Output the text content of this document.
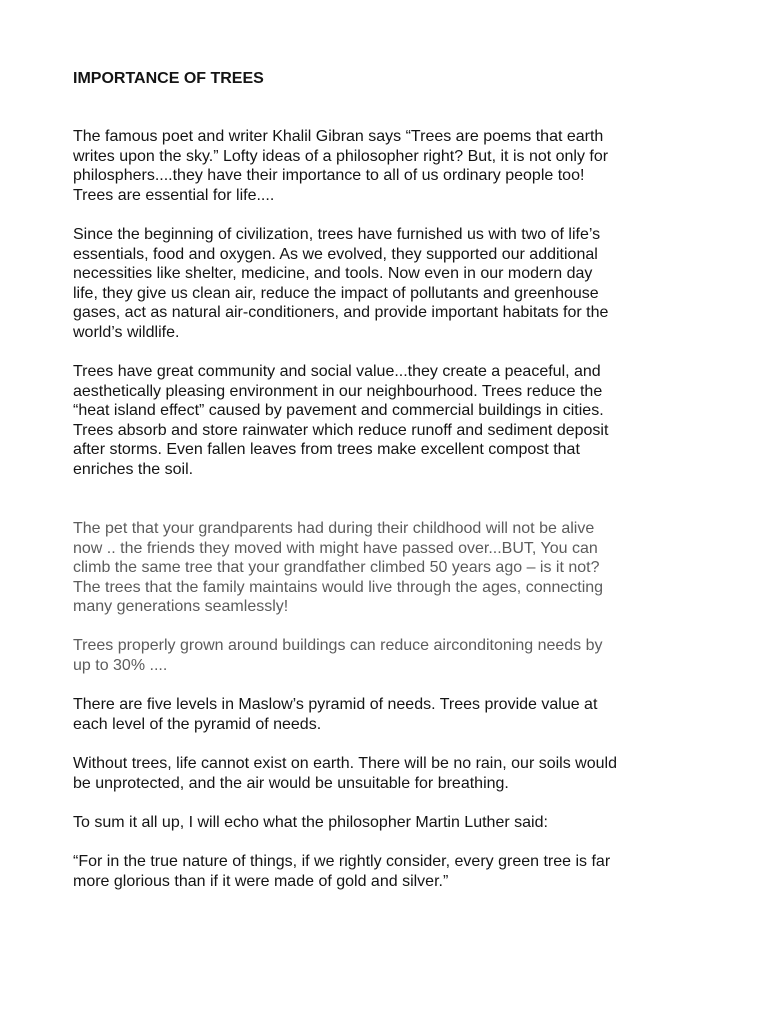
IMPORTANCE OF TREES

The famous poet and writer Khalil Gibran says “Trees are poems that earth
writes upon the sky.” Lofty ideas of a philosopher right? But, it is not only for
philosphers....they have their importance to all of us ordinary people too!

Trees are essential for life....

Since the beginning of civilization, trees have furnished us with two of life’s
essentials, food and oxygen. As we evolved, they supported our additional
necessities like shelter, medicine, and tools. Now even in our modern day
life, they give us clean air, reduce the impact of pollutants and greenhouse
gases, act as natural air-conditioners, and provide important habitats for the
world’s wildlife.

Trees have great community and social value...they create a peaceful, and
aesthetically pleasing environment in our neighbourhood. Trees reduce the
“heat island effect” caused by pavement and commercial buildings in cities.
Trees absorb and store rainwater which reduce runoff and sediment deposit
after storms. Even fallen leaves from trees make excellent compost that
enriches the soil.

The pet that your grandparents had during their childhood will not be alive
now .. the friends they moved with might have passed over...BUT, You can
climb the same tree that your grandfather climbed 50 years ago – is it not?
The trees that the family maintains would live through the ages, connecting
many generations seamlessly!

Trees properly grown around buildings can reduce airconditoning needs by
up to 30% ....

There are five levels in Maslow’s pyramid of needs. Trees provide value at
each level of the pyramid of needs.

Without trees, life cannot exist on earth. There will be no rain, our soils would
be unprotected, and the air would be unsuitable for breathing.

To sum it all up, I will echo what the philosopher Martin Luther said:

“For in the true nature of things, if we rightly consider, every green tree is far
more glorious than if it were made of gold and silver.”
